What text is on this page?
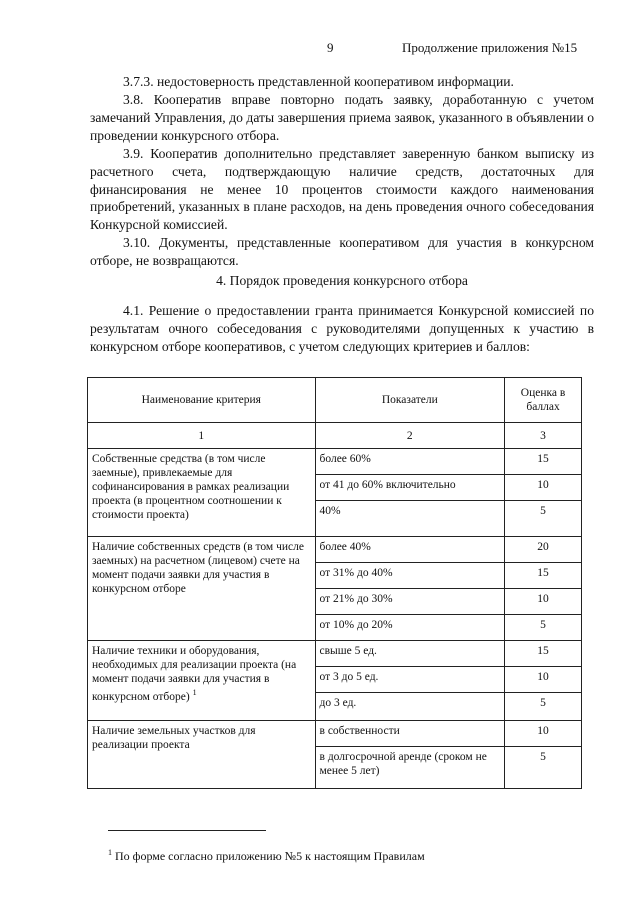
9	Продолжение приложения №15
3.7.3. недостоверность представленной кооперативом информации.
3.8. Кооператив вправе повторно подать заявку, доработанную с учетом замечаний Управления, до даты завершения приема заявок, указанного в объявлении о проведении конкурсного отбора.
3.9. Кооператив дополнительно представляет заверенную банком выписку из расчетного счета, подтверждающую наличие средств, достаточных для финансирования не менее 10 процентов стоимости каждого наименования приобретений, указанных в плане расходов, на день проведения очного собеседования Конкурсной комиссией.
3.10. Документы, представленные кооперативом для участия в конкурсном отборе, не возвращаются.
4. Порядок проведения конкурсного отбора
4.1. Решение о предоставлении гранта принимается Конкурсной комиссией по результатам очного собеседования с руководителями допущенных к участию в конкурсном отборе кооперативов, с учетом следующих критериев и баллов:
Наименование критерия	Показатели	Оценка в баллах
1	2	3
Собственные средства (в том числе заемные), привлекаемые для софинансирования в рамках реализации проекта (в процентном соотношении к стоимости проекта)	более 60%	15
	от 41 до 60% включительно	10
	40%	5
Наличие собственных средств (в том числе заемных) на расчетном (лицевом) счете на момент подачи заявки для участия в конкурсном отборе	более 40%	20
	от 31% до 40%	15
	от 21% до 30%	10
	от 10% до 20%	5
Наличие техники и оборудования, необходимых для реализации проекта (на момент подачи заявки для участия в конкурсном отборе) $^1$	свыше 5 ед.	15
	от 3 до 5 ед.	10
	до 3 ед.	5
Наличие земельных участков для реализации проекта	в собственности	10
	в долгосрочной аренде (сроком не менее 5 лет)	5
$^1$ По форме согласно приложению №5 к настоящим Правилам
